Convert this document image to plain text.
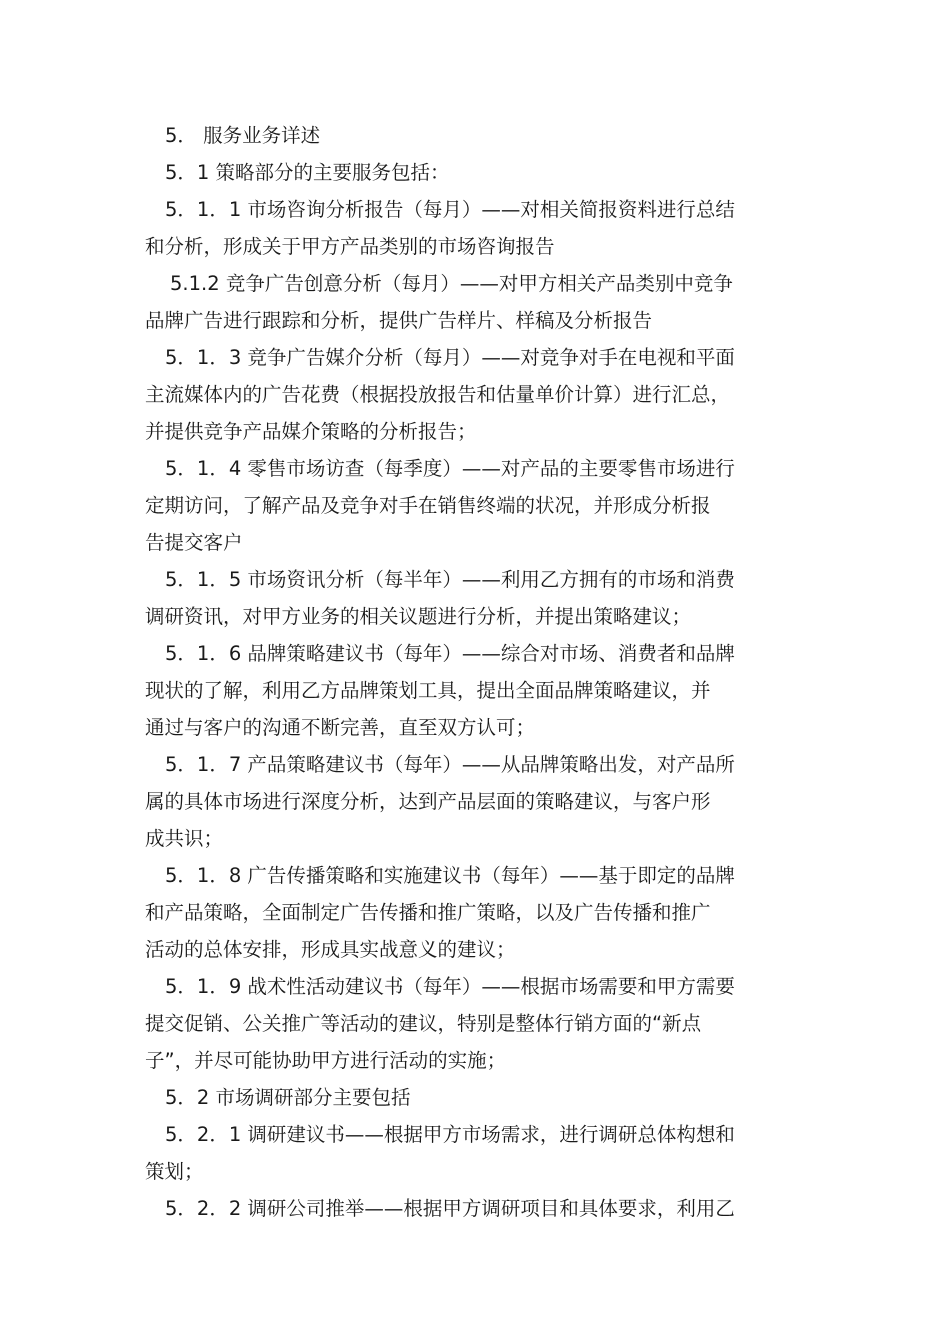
5． 服务业务详述
5．1 策略部分的主要服务包括：
5．1．1 市场咨询分析报告（每月）——对相关简报资料进行总结
和分析，形成关于甲方产品类别的市场咨询报告
5.1.2 竞争广告创意分析（每月）——对甲方相关产品类别中竞争
品牌广告进行跟踪和分析，提供广告样片、样稿及分析报告
5．1．3 竞争广告媒介分析（每月）——对竞争对手在电视和平面
主流媒体内的广告花费（根据投放报告和估量单价计算）进行汇总，
并提供竞争产品媒介策略的分析报告；
5．1．4 零售市场访查（每季度）——对产品的主要零售市场进行
定期访问，了解产品及竞争对手在销售终端的状况，并形成分析报
告提交客户
5．1．5 市场资讯分析（每半年）——利用乙方拥有的市场和消费
调研资讯，对甲方业务的相关议题进行分析，并提出策略建议；
5．1．6 品牌策略建议书（每年）——综合对市场、消费者和品牌
现状的了解，利用乙方品牌策划工具，提出全面品牌策略建议，并
通过与客户的沟通不断完善，直至双方认可；
5．1．7 产品策略建议书（每年）——从品牌策略出发，对产品所
属的具体市场进行深度分析，达到产品层面的策略建议，与客户形
成共识；
5．1．8 广告传播策略和实施建议书（每年）——基于即定的品牌
和产品策略，全面制定广告传播和推广策略，以及广告传播和推广
活动的总体安排，形成具实战意义的建议；
5．1．9 战术性活动建议书（每年）——根据市场需要和甲方需要
提交促销、公关推广等活动的建议，特别是整体行销方面的“新点
子”，并尽可能协助甲方进行活动的实施；
5．2 市场调研部分主要包括
5．2．1 调研建议书——根据甲方市场需求，进行调研总体构想和
策划；
5．2．2 调研公司推举——根据甲方调研项目和具体要求，利用乙
